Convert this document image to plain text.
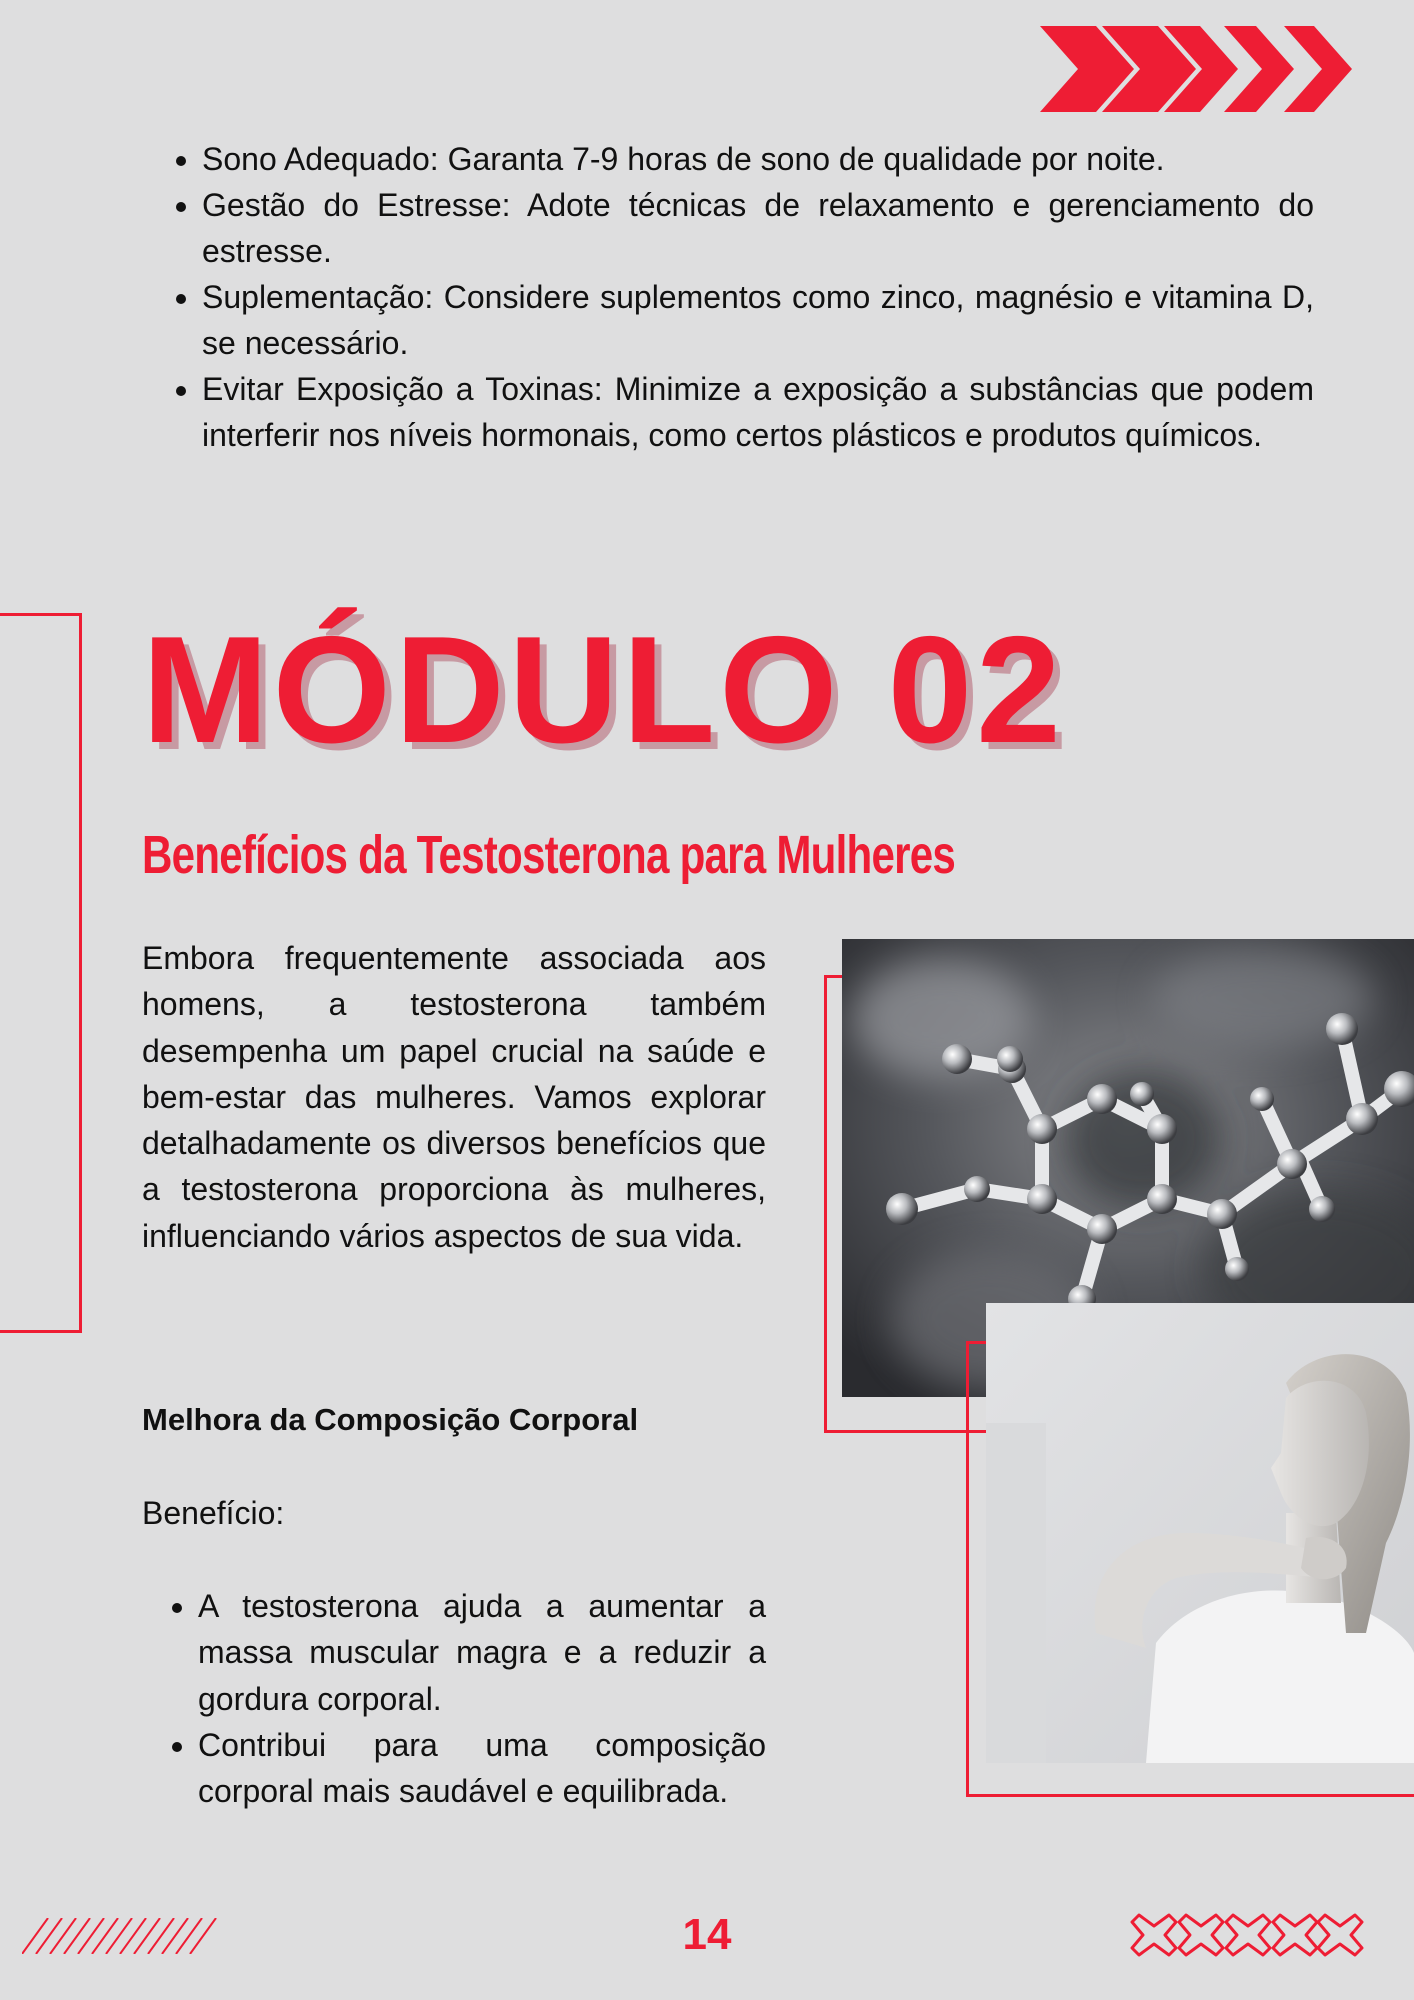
• Sono Adequado: Garanta 7-9 horas de sono de qualidade por noite.
• Gestão do Estresse: Adote técnicas de relaxamento e gerenciamento do estresse.
• Suplementação: Considere suplementos como zinco, magnésio e vitamina D, se necessário.
• Evitar Exposição a Toxinas: Minimize a exposição a substâncias que podem interferir nos níveis hormonais, como certos plásticos e produtos químicos.
MÓDULO 02
Benefícios da Testosterona para Mulheres

Embora frequentemente associada aos homens, a testosterona também desempenha um papel crucial na saúde e bem-estar das mulheres. Vamos explorar detalhadamente os diversos benefícios que a testosterona proporciona às mulheres, influenciando vários aspectos de sua vida.

Melhora da Composição Corporal

Benefício:

• A testosterona ajuda a aumentar a massa muscular magra e a reduzir a gordura corporal.
• Contribui para uma composição corporal mais saudável e equilibrada.

14
